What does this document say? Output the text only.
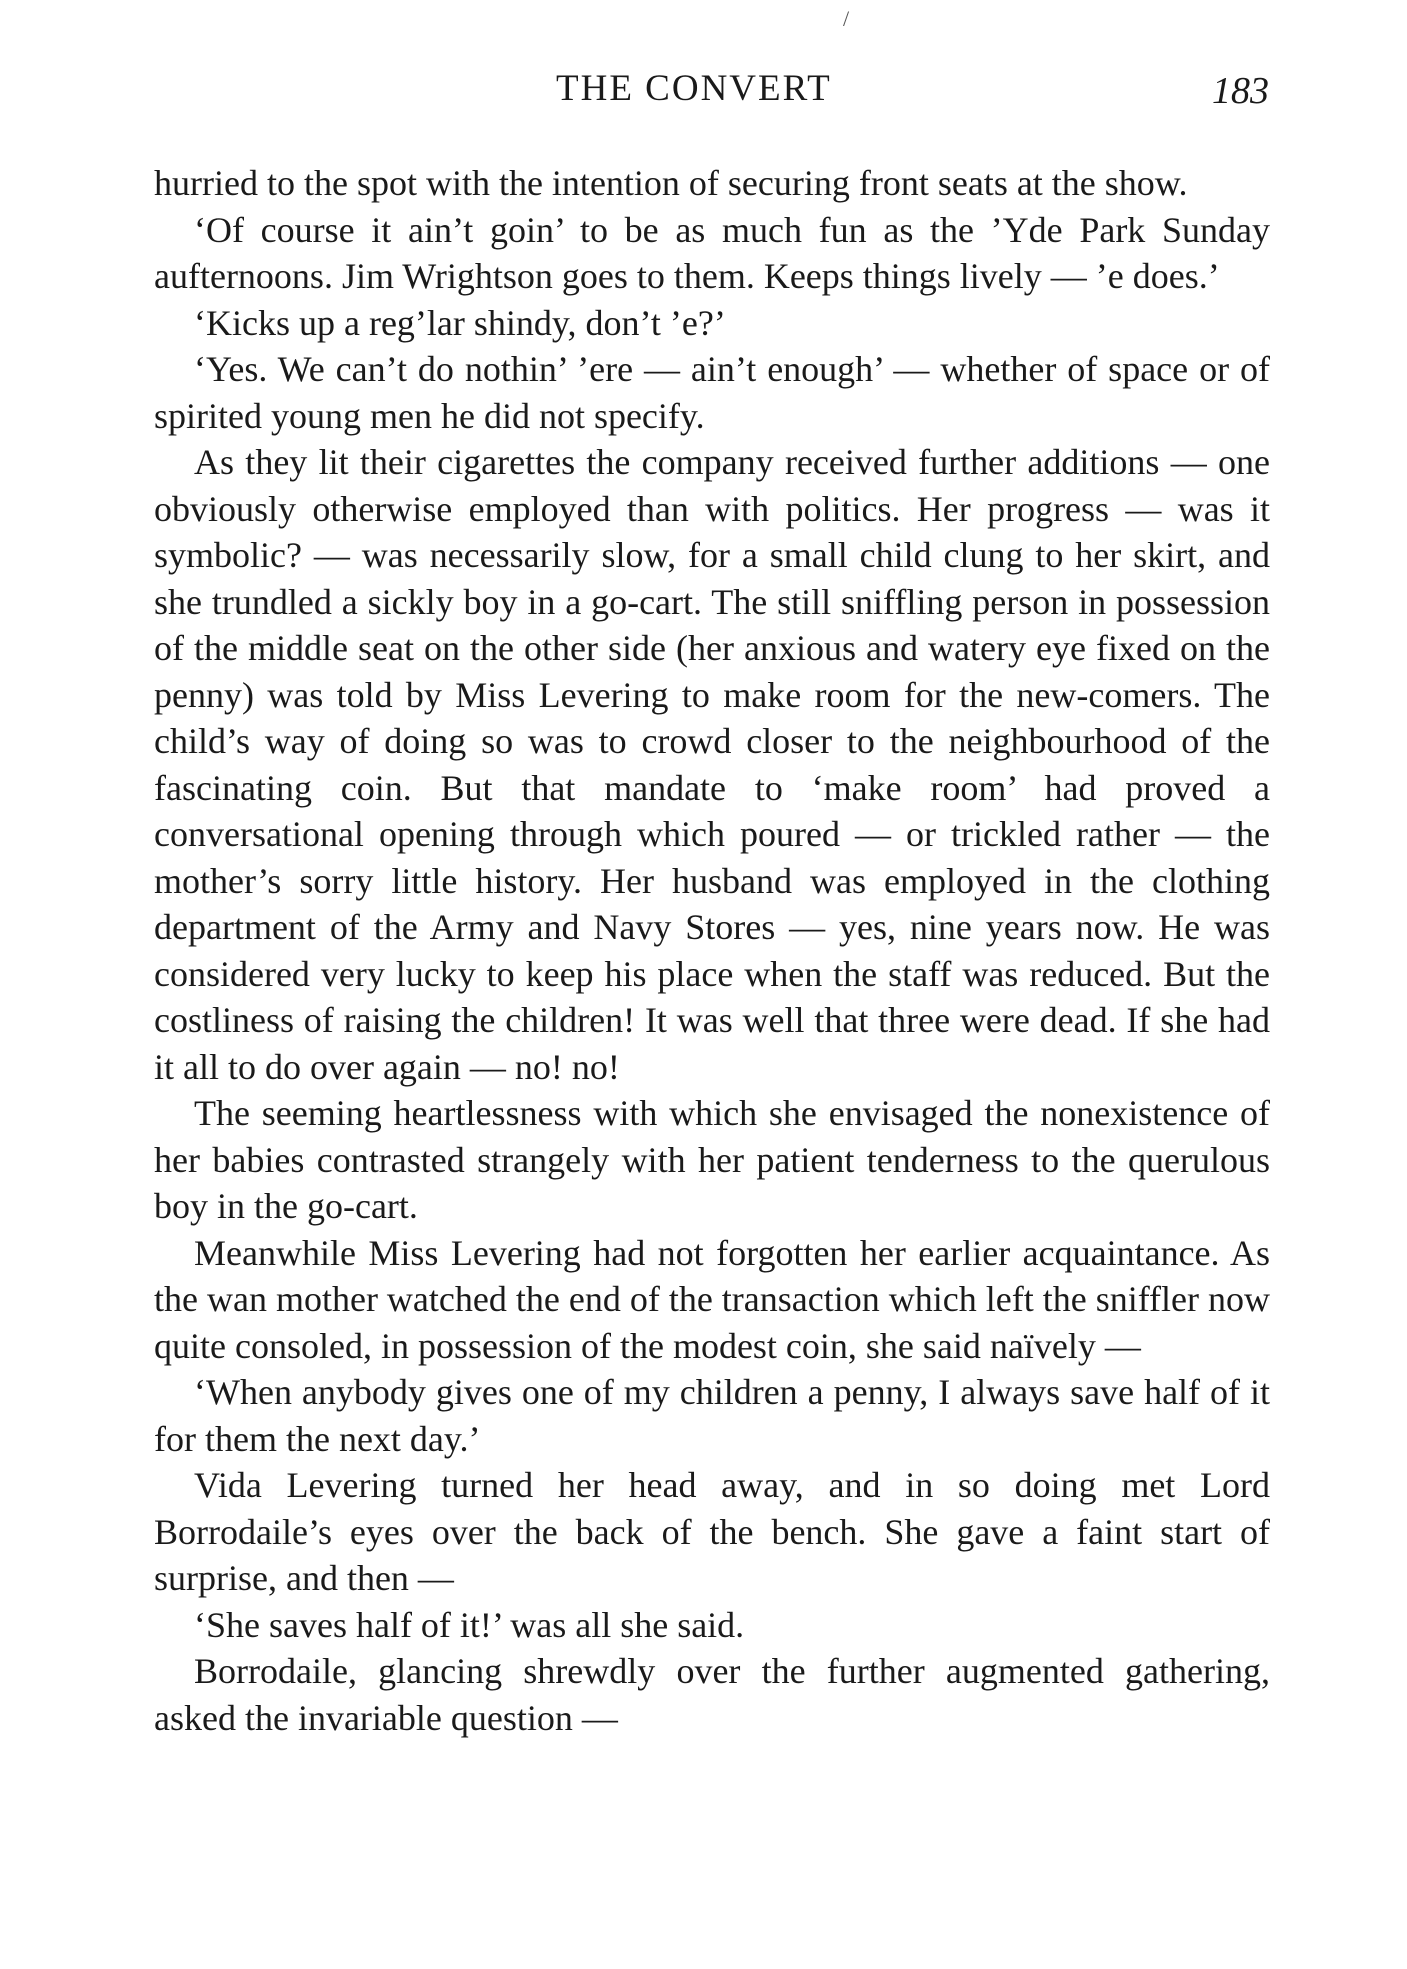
/
THE CONVERT	183

hurried to the spot with the intention of securing front seats at the show.

‘Of course it ain’t goin’ to be as much fun as the ’Yde Park Sunday aufternoons. Jim Wrightson goes to them. Keeps things lively — ’e does.’

‘Kicks up a reg’lar shindy, don’t ’e?’

‘Yes. We can’t do nothin’ ’ere — ain’t enough’ — whether of space or of spirited young men he did not specify.

As they lit their cigarettes the company received further additions — one obviously otherwise employed than with politics. Her progress — was it symbolic? — was necessarily slow, for a small child clung to her skirt, and she trundled a sickly boy in a go-cart. The still sniffling person in possession of the middle seat on the other side (her anxious and watery eye fixed on the penny) was told by Miss Levering to make room for the new-comers. The child’s way of doing so was to crowd closer to the neighbourhood of the fascinating coin. But that mandate to ‘make room’ had proved a conversational opening through which poured — or trickled rather — the mother’s sorry little history. Her husband was employed in the clothing department of the Army and Navy Stores — yes, nine years now. He was considered very lucky to keep his place when the staff was reduced. But the costliness of raising the children! It was well that three were dead. If she had it all to do over again — no! no!

The seeming heartlessness with which she envisaged the nonexistence of her babies contrasted strangely with her patient tenderness to the querulous boy in the go-cart.

Meanwhile Miss Levering had not forgotten her earlier acquaintance. As the wan mother watched the end of the transaction which left the sniffler now quite consoled, in possession of the modest coin, she said naïvely —

‘When anybody gives one of my children a penny, I always save half of it for them the next day.’

Vida Levering turned her head away, and in so doing met Lord Borrodaile’s eyes over the back of the bench. She gave a faint start of surprise, and then —

‘She saves half of it!’ was all she said.

Borrodaile, glancing shrewdly over the further augmented gathering, asked the invariable question —
